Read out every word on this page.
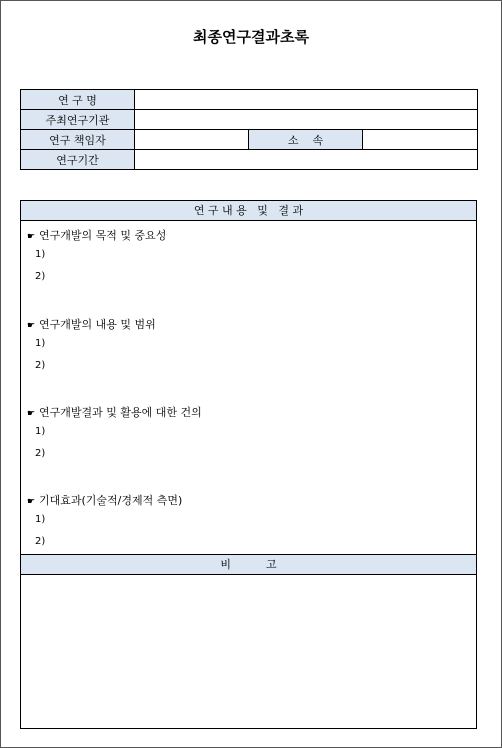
최종연구결과초록
연 구 명			
주최연구기관			
연구 책임자		소    속	
연구기간			
연 구 내 용   및   결 과
☛ 연구개발의 목적 및 중요성
1)
2)
☛ 연구개발의 내용 및 범위
1)
2)
☛ 연구개발결과 및 활용에 대한 건의
1)
2)
☛ 기대효과(기술적/경제적 측면)
1)
2)
비          고
